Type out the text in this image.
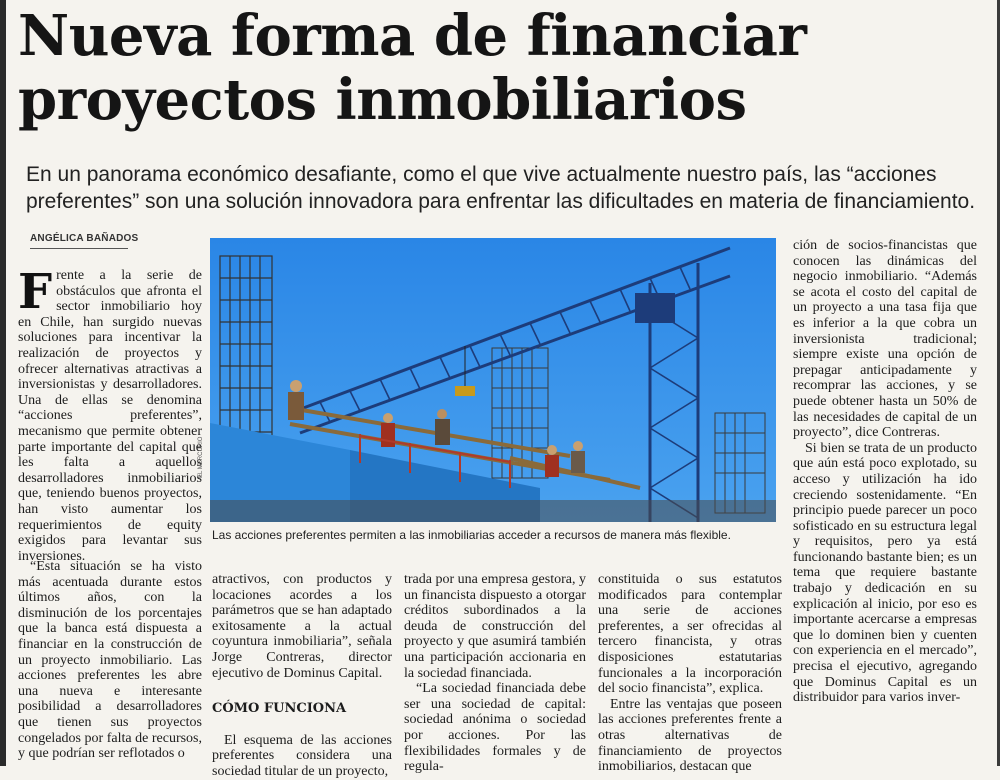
Nueva forma de financiar proyectos inmobiliarios

En un panorama económico desafiante, como el que vive actualmente nuestro país, las “acciones preferentes” son una solución innovadora para enfrentar las dificultades en materia de financiamiento.

ANGÉLICA BAÑADOS
F rente a la serie de obstáculos que afronta el sector inmobiliario hoy en Chile, han surgido nuevas soluciones para incentivar la realización de proyectos y ofrecer alternativas atractivas a inversionistas y desarrolladores. Una de ellas se denomina “acciones preferentes”, mecanismo que permite obtener parte importante del capital que les falta a aquellos desarrolladores inmobiliarios que, teniendo buenos proyectos, han visto aumentar los requerimientos de equity exigidos para levantar sus inversiones.

“Esta situación se ha visto más acentuada durante estos últimos años, con la disminución de los porcentajes que la banca está dispuesta a financiar en la construcción de un proyecto inmobiliario. Las acciones preferentes les abre una nueva e interesante posibilidad a desarrolladores que tienen sus proyectos congelados por falta de recursos, y que podrían ser reflotados o

EL MERCURIO
Las acciones preferentes permiten a las inmobiliarias acceder a recursos de manera más flexible.

atractivos, con productos y locaciones acordes a los parámetros que se han adaptado exitosamente a la actual coyuntura inmobiliaria”, señala Jorge Contreras, director ejecutivo de Dominus Capital.

CÓMO FUNCIONA

El esquema de las acciones preferentes considera una sociedad titular de un proyecto,

trada por una empresa gestora, y un financista dispuesto a otorgar créditos subordinados a la deuda de construcción del proyecto y que asumirá también una participación accionaria en la sociedad financiada.

“La sociedad financiada debe ser una sociedad de capital: sociedad anónima o sociedad por acciones. Por las flexibilidades formales y de regula-

constituida o sus estatutos modificados para contemplar una serie de acciones preferentes, a ser ofrecidas al tercero financista, y otras disposiciones estatutarias funcionales a la incorporación del socio financista”, explica.

Entre las ventajas que poseen las acciones preferentes frente a otras alternativas de financiamiento de proyectos inmobiliarios, destacan que

ción de socios-financistas que conocen las dinámicas del negocio inmobiliario. “Además se acota el costo del capital de un proyecto a una tasa fija que es inferior a la que cobra un inversionista tradicional; siempre existe una opción de prepagar anticipadamente y recomprar las acciones, y se puede obtener hasta un 50% de las necesidades de capital de un proyecto”, dice Contreras.

Si bien se trata de un producto que aún está poco explotado, su acceso y utilización ha ido creciendo sostenidamente. “En principio puede parecer un poco sofisticado en su estructura legal y requisitos, pero ya está funcionando bastante bien; es un tema que requiere bastante trabajo y dedicación en su explicación al inicio, por eso es importante acercarse a empresas que lo dominen bien y cuenten con experiencia en el mercado”, precisa el ejecutivo, agregando que Dominus Capital es un distribuidor para varios inver-
